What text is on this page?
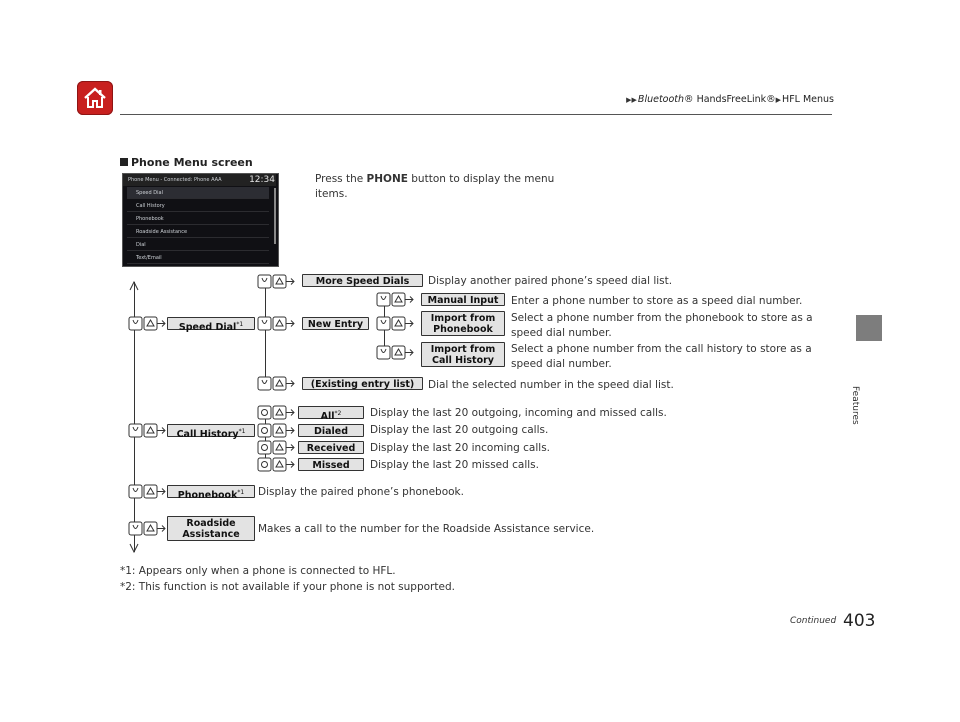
▶▶Bluetooth® HandsFreeLink®▶HFL Menus
Features
Phone Menu screen
Press the PHONE button to display the menu items.
Phone Menu - Connected: Phone AAA	12:34
Speed Dial
Call History
Phonebook
Roadside Assistance
Dial
Text/Email
Speed Dial$^{*1}$
More Speed Dials	Display another paired phone’s speed dial list.
New Entry
Manual Input	Enter a phone number to store as a speed dial number.
Import from
Phonebook
Select a phone number from the phonebook to store as a
speed dial number.
Import from
Call History
Select a phone number from the call history to store as a
speed dial number.
(Existing entry list)	Dial the selected number in the speed dial list.
Call History$^{*1}$
All$^{*2}$	Display the last 20 outgoing, incoming and missed calls.
Dialed	Display the last 20 outgoing calls.
Received	Display the last 20 incoming calls.
Missed	Display the last 20 missed calls.
Phonebook$^{*1}$	Display the paired phone’s phonebook.
Roadside
Assistance	Makes a call to the number for the Roadside Assistance service.
*1: Appears only when a phone is connected to HFL.
*2: This function is not available if your phone is not supported.
Continued 403
